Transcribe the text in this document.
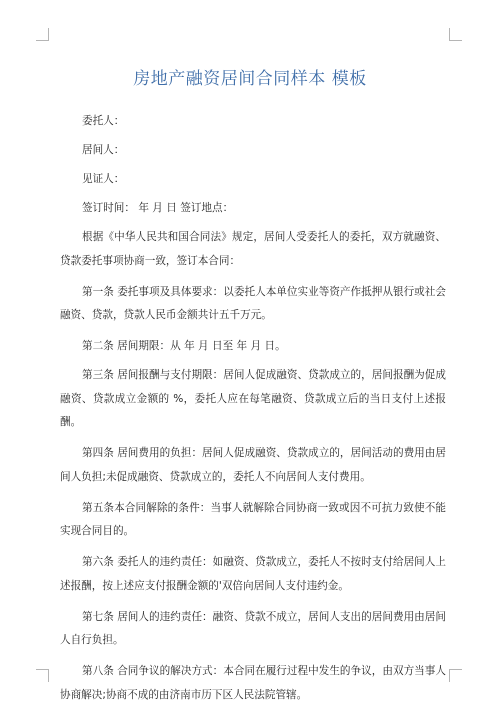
房地产融资居间合同样本 模板

委托人：

居间人：

见证人：

签订时间： 年 月 日 签订地点：

根据《中华人民共和国合同法》规定，居间人受委托人的委托，双方就融资、贷款委托事项协商一致，签订本合同：

第一条 委托事项及具体要求：以委托人本单位实业等资产作抵押从银行或社会融资、贷款，贷款人民币金额共计五千万元。

第二条 居间期限：从 年 月 日至 年 月 日。

第三条 居间报酬与支付期限：居间人促成融资、贷款成立的，居间报酬为促成融资、贷款成立金额的 %，委托人应在每笔融资、贷款成立后的当日支付上述报酬。

第四条 居间费用的负担：居间人促成融资、贷款成立的，居间活动的费用由居间人负担;未促成融资、贷款成立的，委托人不向居间人支付费用。

第五条本合同解除的条件：当事人就解除合同协商一致或因不可抗力致使不能实现合同目的。

第六条 委托人的违约责任：如融资、贷款成立，委托人不按时支付给居间人上述报酬，按上述应支付报酬金额的'双倍向居间人支付违约金。

第七条 居间人的违约责任：融资、贷款不成立，居间人支出的居间费用由居间人自行负担。

第八条 合同争议的解决方式：本合同在履行过程中发生的争议，由双方当事人协商解决;协商不成的由济南市历下区人民法院管辖。
